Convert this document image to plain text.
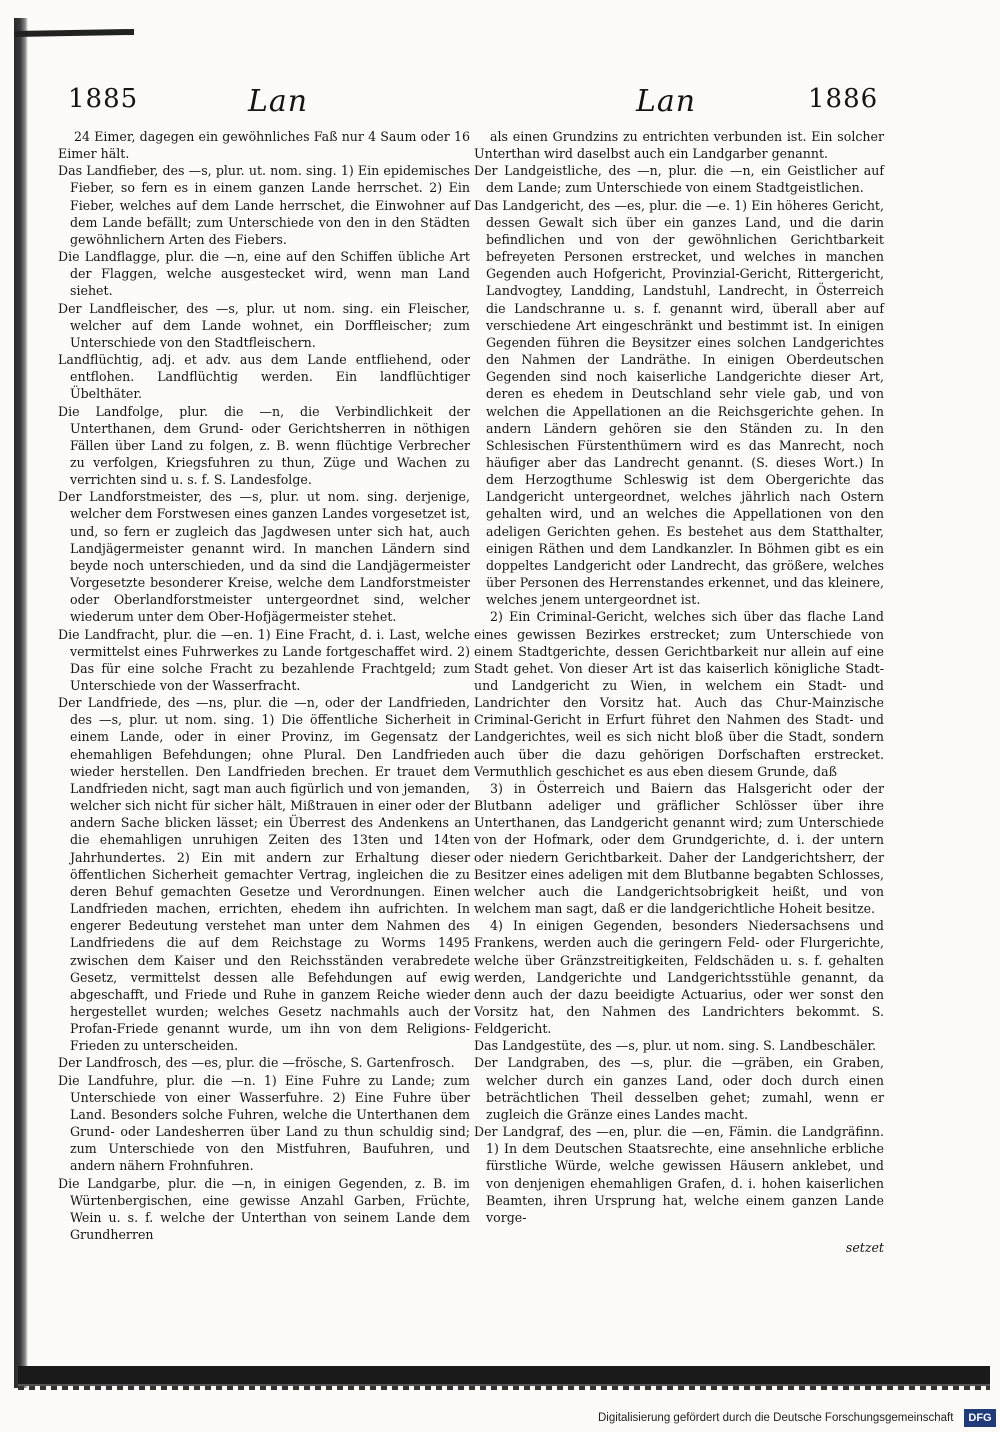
1885	Lan	Lan	1886

24 Eimer, dagegen ein gewöhnliches Faß nur 4 Saum oder 16 Eimer hält.

Das Landfieber, des —s, plur. ut. nom. sing. 1) Ein epidemisches Fieber, so fern es in einem ganzen Lande herrschet. 2) Ein Fieber, welches auf dem Lande herrschet, die Einwohner auf dem Lande befällt; zum Unterschiede von den in den Städten gewöhnlichern Arten des Fiebers.

Die Landflagge, plur. die —n, eine auf den Schiffen übliche Art der Flaggen, welche ausgestecket wird, wenn man Land siehet.

Der Landfleischer, des —s, plur. ut nom. sing. ein Fleischer, welcher auf dem Lande wohnet, ein Dorffleischer; zum Unterschiede von den Stadtfleischern.

Landflüchtig, adj. et adv. aus dem Lande entfliehend, oder entflohen. Landflüchtig werden. Ein landflüchtiger Übelthäter.

Die Landfolge, plur. die —n, die Verbindlichkeit der Unterthanen, dem Grund- oder Gerichtsherren in nöthigen Fällen über Land zu folgen, z. B. wenn flüchtige Verbrecher zu verfolgen, Kriegsfuhren zu thun, Züge und Wachen zu verrichten sind u. s. f. S. Landesfolge.

Der Landforstmeister, des —s, plur. ut nom. sing. derjenige, welcher dem Forstwesen eines ganzen Landes vorgesetzet ist, und, so fern er zugleich das Jagdwesen unter sich hat, auch Landjägermeister genannt wird. In manchen Ländern sind beyde noch unterschieden, und da sind die Landjägermeister Vorgesetzte besonderer Kreise, welche dem Landforstmeister oder Oberlandforstmeister untergeordnet sind, welcher wiederum unter dem Ober-Hofjägermeister stehet.

Die Landfracht, plur. die —en. 1) Eine Fracht, d. i. Last, welche vermittelst eines Fuhrwerkes zu Lande fortgeschaffet wird. 2) Das für eine solche Fracht zu bezahlende Frachtgeld; zum Unterschiede von der Wasserfracht.

Der Landfriede, des —ns, plur. die —n, oder der Landfrieden, des —s, plur. ut nom. sing. 1) Die öffentliche Sicherheit in einem Lande, oder in einer Provinz, im Gegensatz der ehemahligen Befehdungen; ohne Plural. Den Landfrieden wieder herstellen. Den Landfrieden brechen. Er trauet dem Landfrieden nicht, sagt man auch figürlich und von jemanden, welcher sich nicht für sicher hält, Mißtrauen in einer oder der andern Sache blicken lässet; ein Überrest des Andenkens an die ehemahligen unruhigen Zeiten des 13ten und 14ten Jahrhundertes. 2) Ein mit andern zur Erhaltung dieser öffentlichen Sicherheit gemachter Vertrag, ingleichen die zu deren Behuf gemachten Gesetze und Verordnungen. Einen Landfrieden machen, errichten, ehedem ihn aufrichten. In engerer Bedeutung verstehet man unter dem Nahmen des Landfriedens die auf dem Reichstage zu Worms 1495 zwischen dem Kaiser und den Reichsständen verabredete Gesetz, vermittelst dessen alle Befehdungen auf ewig abgeschafft, und Friede und Ruhe in ganzem Reiche wieder hergestellet wurden; welches Gesetz nachmahls auch der Profan-Friede genannt wurde, um ihn von dem Religions-Frieden zu unterscheiden.

Der Landfrosch, des —es, plur. die —frösche, S. Gartenfrosch.

Die Landfuhre, plur. die —n. 1) Eine Fuhre zu Lande; zum Unterschiede von einer Wasserfuhre. 2) Eine Fuhre über Land. Besonders solche Fuhren, welche die Unterthanen dem Grund- oder Landesherren über Land zu thun schuldig sind; zum Unterschiede von den Mistfuhren, Baufuhren, und andern nähern Frohnfuhren.

Die Landgarbe, plur. die —n, in einigen Gegenden, z. B. im Würtenbergischen, eine gewisse Anzahl Garben, Früchte, Wein u. s. f. welche der Unterthan von seinem Lande dem Grundherren

als einen Grundzins zu entrichten verbunden ist. Ein solcher Unterthan wird daselbst auch ein Landgarber genannt.

Der Landgeistliche, des —n, plur. die —n, ein Geistlicher auf dem Lande; zum Unterschiede von einem Stadtgeistlichen.

Das Landgericht, des —es, plur. die —e. 1) Ein höheres Gericht, dessen Gewalt sich über ein ganzes Land, und die darin befindlichen und von der gewöhnlichen Gerichtbarkeit befreyeten Personen erstrecket, und welches in manchen Gegenden auch Hofgericht, Provinzial-Gericht, Rittergericht, Landvogtey, Landding, Landstuhl, Landrecht, in Österreich die Landschranne u. s. f. genannt wird, überall aber auf verschiedene Art eingeschränkt und bestimmt ist. In einigen Gegenden führen die Beysitzer eines solchen Landgerichtes den Nahmen der Landräthe. In einigen Oberdeutschen Gegenden sind noch kaiserliche Landgerichte dieser Art, deren es ehedem in Deutschland sehr viele gab, und von welchen die Appellationen an die Reichsgerichte gehen. In andern Ländern gehören sie den Ständen zu. In den Schlesischen Fürstenthümern wird es das Manrecht, noch häufiger aber das Landrecht genannt. (S. dieses Wort.) In dem Herzogthume Schleswig ist dem Obergerichte das Landgericht untergeordnet, welches jährlich nach Ostern gehalten wird, und an welches die Appellationen von den adeligen Gerichten gehen. Es bestehet aus dem Statthalter, einigen Räthen und dem Landkanzler. In Böhmen gibt es ein doppeltes Landgericht oder Landrecht, das größere, welches über Personen des Herrenstandes erkennet, und das kleinere, welches jenem untergeordnet ist.

2) Ein Criminal-Gericht, welches sich über das flache Land eines gewissen Bezirkes erstrecket; zum Unterschiede von einem Stadtgerichte, dessen Gerichtbarkeit nur allein auf eine Stadt gehet. Von dieser Art ist das kaiserlich königliche Stadt- und Landgericht zu Wien, in welchem ein Stadt- und Landrichter den Vorsitz hat. Auch das Chur-Mainzische Criminal-Gericht in Erfurt führet den Nahmen des Stadt- und Landgerichtes, weil es sich nicht bloß über die Stadt, sondern auch über die dazu gehörigen Dorfschaften erstrecket. Vermuthlich geschichet es aus eben diesem Grunde, daß

3) in Österreich und Baiern das Halsgericht oder der Blutbann adeliger und gräflicher Schlösser über ihre Unterthanen, das Landgericht genannt wird; zum Unterschiede von der Hofmark, oder dem Grundgerichte, d. i. der untern oder niedern Gerichtbarkeit. Daher der Landgerichtsherr, der Besitzer eines adeligen mit dem Blutbanne begabten Schlosses, welcher auch die Landgerichtsobrigkeit heißt, und von welchem man sagt, daß er die landgerichtliche Hoheit besitze.

4) In einigen Gegenden, besonders Niedersachsens und Frankens, werden auch die geringern Feld- oder Flurgerichte, welche über Gränzstreitigkeiten, Feldschäden u. s. f. gehalten werden, Landgerichte und Landgerichtsstühle genannt, da denn auch der dazu beeidigte Actuarius, oder wer sonst den Vorsitz hat, den Nahmen des Landrichters bekommt. S. Feldgericht.

Das Landgestüte, des —s, plur. ut nom. sing. S. Landbeschäler.

Der Landgraben, des —s, plur. die —gräben, ein Graben, welcher durch ein ganzes Land, oder doch durch einen beträchtlichen Theil desselben gehet; zumahl, wenn er zugleich die Gränze eines Landes macht.

Der Landgraf, des —en, plur. die —en, Fämin. die Landgräfinn. 1) In dem Deutschen Staatsrechte, eine ansehnliche erbliche fürstliche Würde, welche gewissen Häusern anklebet, und von denjenigen ehemahligen Grafen, d. i. hohen kaiserlichen Beamten, ihren Ursprung hat, welche einem ganzen Lande vorge-

setzet

Digitalisierung gefördert durch die Deutsche Forschungsgemeinschaft	DFG
